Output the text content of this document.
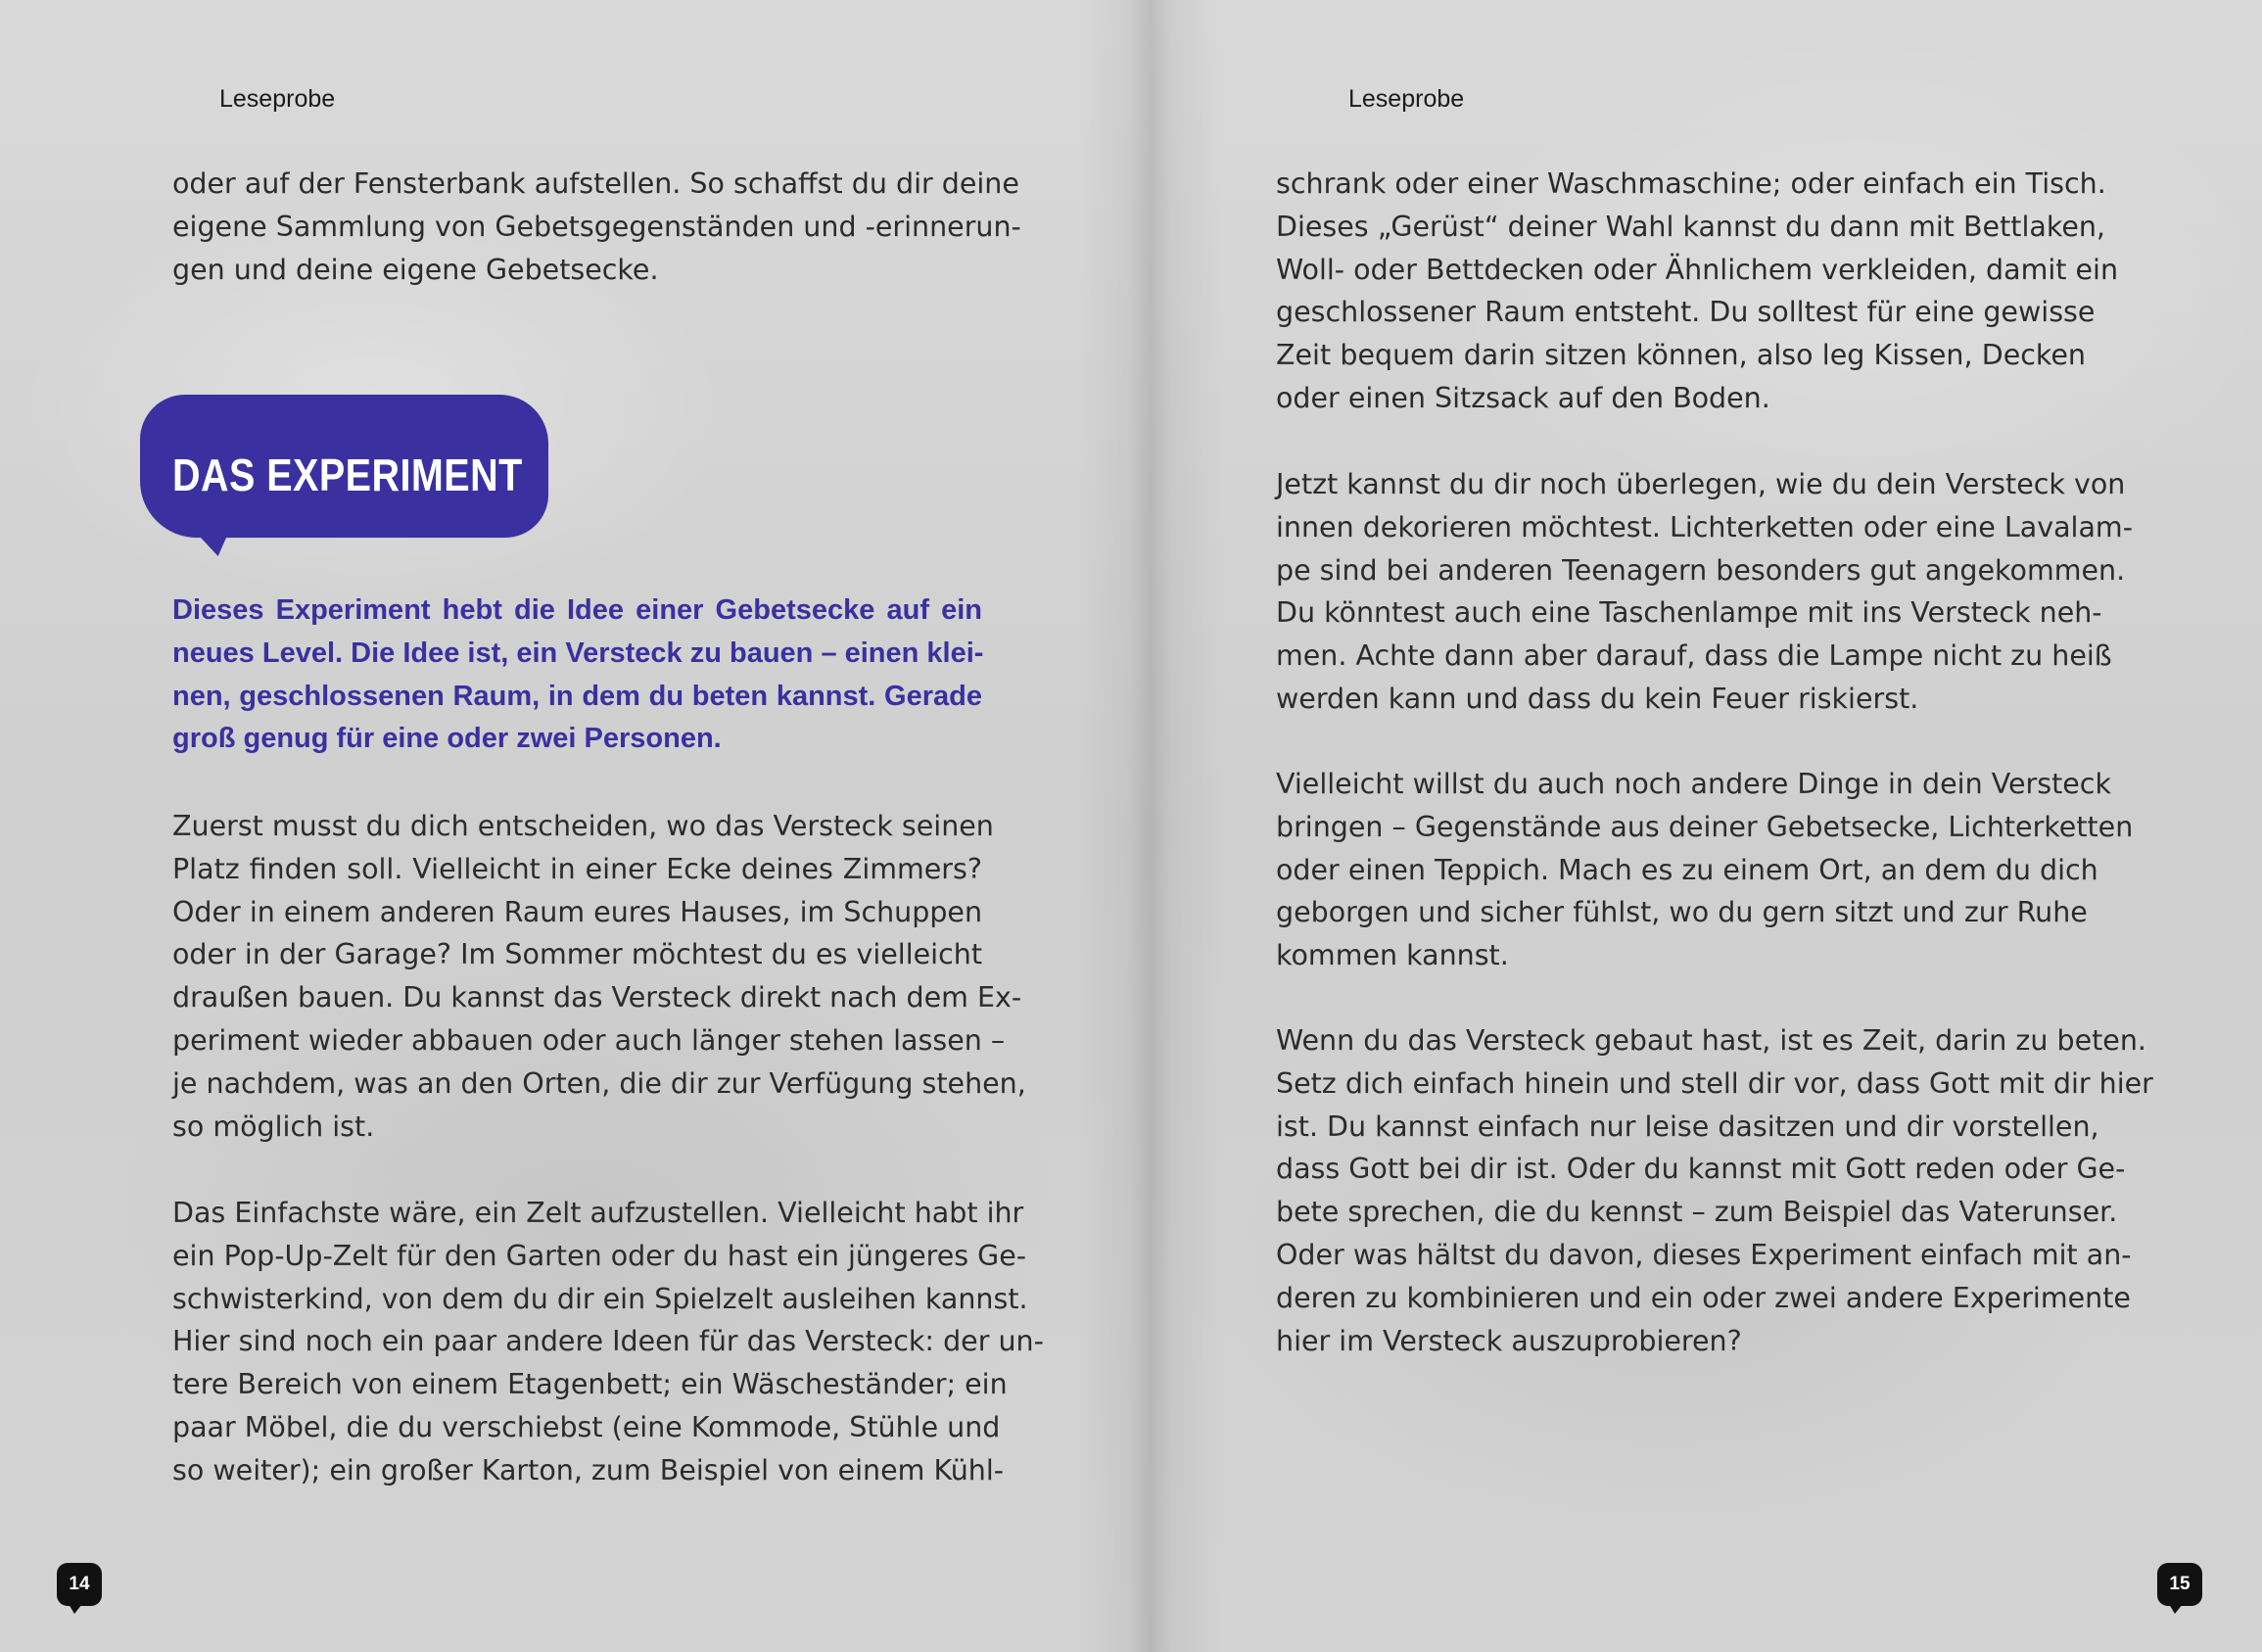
Leseprobe
oder auf der Fensterbank aufstellen. So schaffst du dir deine
eigene Sammlung von Gebetsgegenständen und -erinnerun-
gen und deine eigene Gebetsecke.
DAS EXPERIMENT
Dieses Experiment hebt die Idee einer Gebetsecke auf ein
neues Level. Die Idee ist, ein Versteck zu bauen – einen klei-
nen, geschlossenen Raum, in dem du beten kannst. Gerade
groß genug für eine oder zwei Personen.
Zuerst musst du dich entscheiden, wo das Versteck seinen
Platz finden soll. Vielleicht in einer Ecke deines Zimmers?
Oder in einem anderen Raum eures Hauses, im Schuppen
oder in der Garage? Im Sommer möchtest du es vielleicht
draußen bauen. Du kannst das Versteck direkt nach dem Ex-
periment wieder abbauen oder auch länger stehen lassen –
je nachdem, was an den Orten, die dir zur Verfügung stehen,
so möglich ist.
Das Einfachste wäre, ein Zelt aufzustellen. Vielleicht habt ihr
ein Pop-Up-Zelt für den Garten oder du hast ein jüngeres Ge-
schwisterkind, von dem du dir ein Spielzelt ausleihen kannst.
Hier sind noch ein paar andere Ideen für das Versteck: der un-
tere Bereich von einem Etagenbett; ein Wäscheständer; ein
paar Möbel, die du verschiebst (eine Kommode, Stühle und
so weiter); ein großer Karton, zum Beispiel von einem Kühl-
14
Leseprobe
schrank oder einer Waschmaschine; oder einfach ein Tisch.
Dieses „Gerüst“ deiner Wahl kannst du dann mit Bettlaken,
Woll- oder Bettdecken oder Ähnlichem verkleiden, damit ein
geschlossener Raum entsteht. Du solltest für eine gewisse
Zeit bequem darin sitzen können, also leg Kissen, Decken
oder einen Sitzsack auf den Boden.
Jetzt kannst du dir noch überlegen, wie du dein Versteck von
innen dekorieren möchtest. Lichterketten oder eine Lavalam-
pe sind bei anderen Teenagern besonders gut angekommen.
Du könntest auch eine Taschenlampe mit ins Versteck neh-
men. Achte dann aber darauf, dass die Lampe nicht zu heiß
werden kann und dass du kein Feuer riskierst.
Vielleicht willst du auch noch andere Dinge in dein Versteck
bringen – Gegenstände aus deiner Gebetsecke, Lichterketten
oder einen Teppich. Mach es zu einem Ort, an dem du dich
geborgen und sicher fühlst, wo du gern sitzt und zur Ruhe
kommen kannst.
Wenn du das Versteck gebaut hast, ist es Zeit, darin zu beten.
Setz dich einfach hinein und stell dir vor, dass Gott mit dir hier
ist. Du kannst einfach nur leise dasitzen und dir vorstellen,
dass Gott bei dir ist. Oder du kannst mit Gott reden oder Ge-
bete sprechen, die du kennst – zum Beispiel das Vaterunser.
Oder was hältst du davon, dieses Experiment einfach mit an-
deren zu kombinieren und ein oder zwei andere Experimente
hier im Versteck auszuprobieren?
15
